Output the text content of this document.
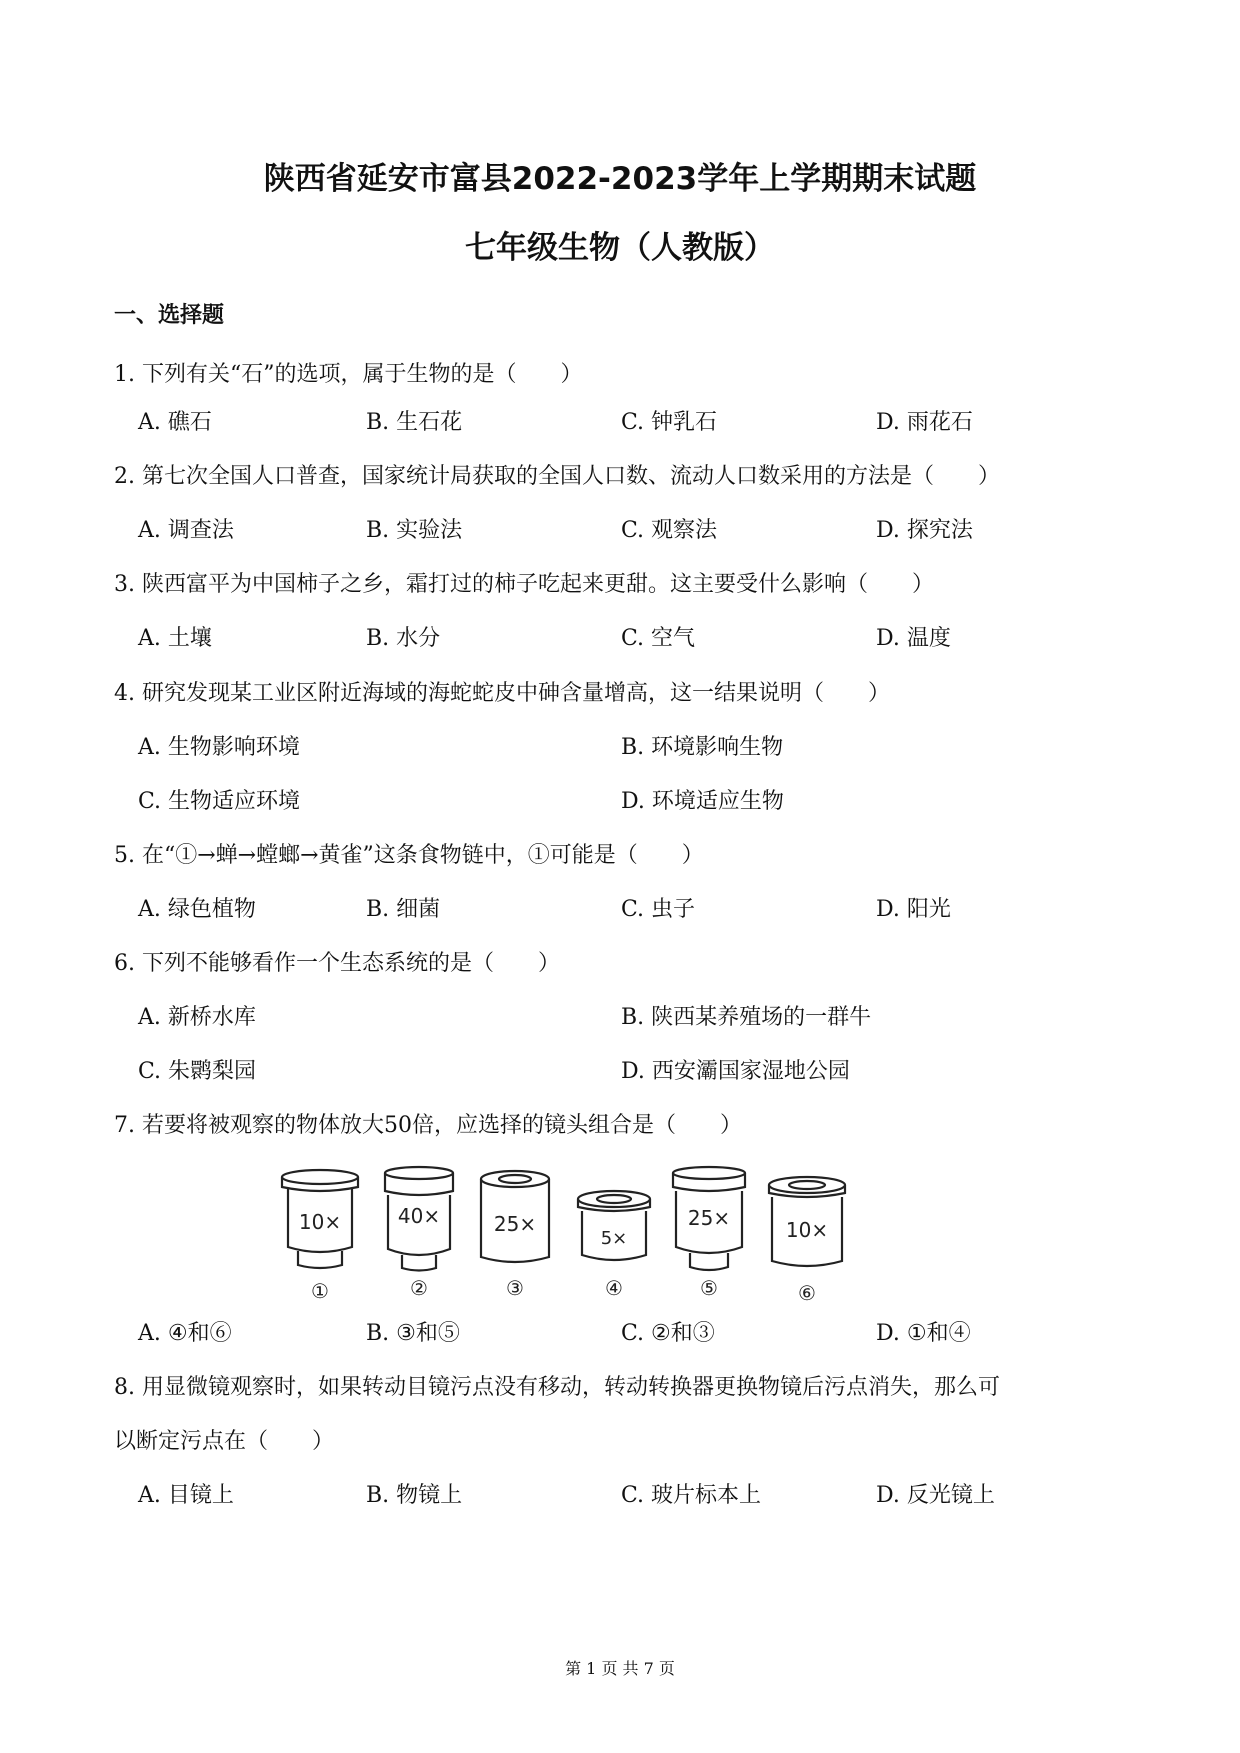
陕西省延安市富县2022-2023学年上学期期末试题
七年级生物（人教版）
一、选择题
1. 下列有关“石”的选项，属于生物的是（　　）
A. 礁石	B. 生石花	C. 钟乳石	D. 雨花石
2. 第七次全国人口普查，国家统计局获取的全国人口数、流动人口数采用的方法是（　　）
A. 调查法	B. 实验法	C. 观察法	D. 探究法
3. 陕西富平为中国柿子之乡，霜打过的柿子吃起来更甜。这主要受什么影响（　　）
A. 土壤	B. 水分	C. 空气	D. 温度
4. 研究发现某工业区附近海域的海蛇蛇皮中砷含量增高，这一结果说明（　　）
A. 生物影响环境	B. 环境影响生物
C. 生物适应环境	D. 环境适应生物
5. 在“①→蝉→螳螂→黄雀”这条食物链中，①可能是（　　）
A. 绿色植物	B. 细菌	C. 虫子	D. 阳光
6. 下列不能够看作一个生态系统的是（　　）
A. 新桥水库	B. 陕西某养殖场的一群牛
C. 朱鹮梨园	D. 西安灞国家湿地公园
7. 若要将被观察的物体放大50倍，应选择的镜头组合是（　　）
10×
①
40×
②
25×
③
5×
④
25×
⑤
10×
⑥
A. ④和⑥	B. ③和⑤	C. ②和③	D. ①和④
8. 用显微镜观察时，如果转动目镜污点没有移动，转动转换器更换物镜后污点消失，那么可
以断定污点在（　　）
A. 目镜上	B. 物镜上	C. 玻片标本上	D. 反光镜上
第 1 页 共 7 页
